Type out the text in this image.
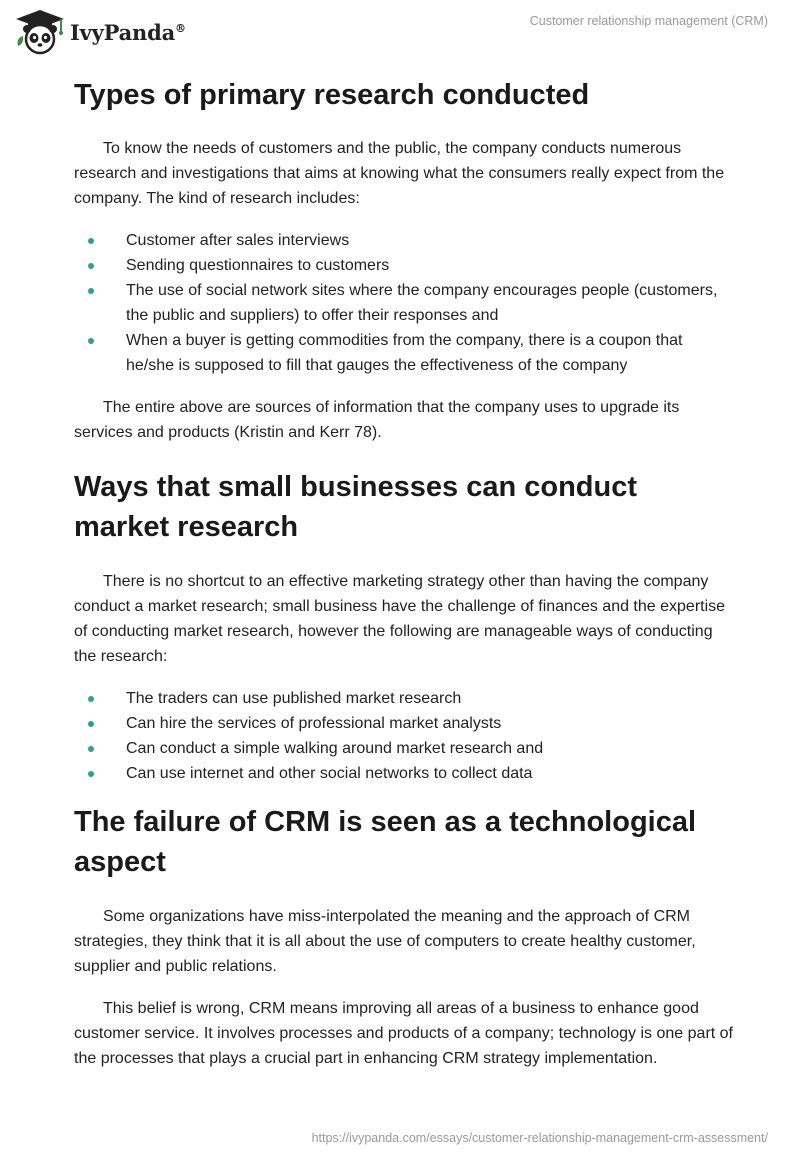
IvyPanda®	Customer relationship management (CRM)
Types of primary research conducted

To know the needs of customers and the public, the company conducts numerous research and investigations that aims at knowing what the consumers really expect from the company. The kind of research includes:

Customer after sales interviews
Sending questionnaires to customers
The use of social network sites where the company encourages people (customers, the public and suppliers) to offer their responses and
When a buyer is getting commodities from the company, there is a coupon that he/she is supposed to fill that gauges the effectiveness of the company

The entire above are sources of information that the company uses to upgrade its services and products (Kristin and Kerr 78).

Ways that small businesses can conduct market research

There is no shortcut to an effective marketing strategy other than having the company conduct a market research; small business have the challenge of finances and the expertise of conducting market research, however the following are manageable ways of conducting the research:

The traders can use published market research
Can hire the services of professional market analysts
Can conduct a simple walking around market research and
Can use internet and other social networks to collect data
The failure of CRM is seen as a technological aspect

Some organizations have miss-interpolated the meaning and the approach of CRM strategies, they think that it is all about the use of computers to create healthy customer, supplier and public relations.

This belief is wrong, CRM means improving all areas of a business to enhance good customer service. It involves processes and products of a company; technology is one part of the processes that plays a crucial part in enhancing CRM strategy implementation.

https://ivypanda.com/essays/customer-relationship-management-crm-assessment/
